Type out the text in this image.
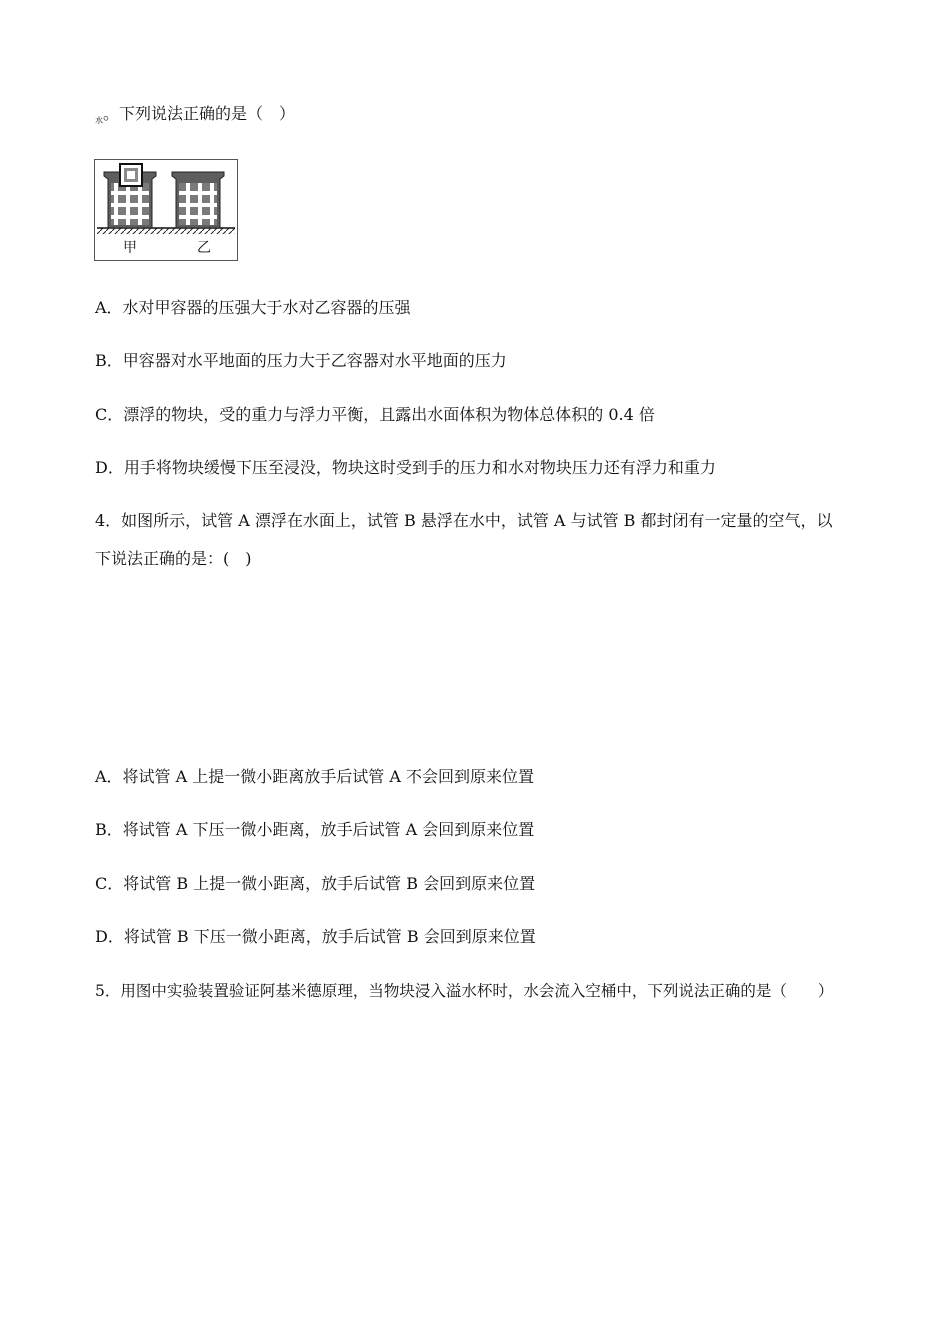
$_水$。下列说法正确的是（　）
甲	乙
A．水对甲容器的压强大于水对乙容器的压强
B．甲容器对水平地面的压力大于乙容器对水平地面的压力
C．漂浮的物块，受的重力与浮力平衡，且露出水面体积为物体总体积的 0.4 倍
D．用手将物块缓慢下压至浸没，物块这时受到手的压力和水对物块压力还有浮力和重力
4．如图所示，试管 A 漂浮在水面上，试管 B 悬浮在水中，试管 A 与试管 B 都封闭有一定量的空气，以
下说法正确的是：(　)
A．将试管 A 上提一微小距离放手后试管 A 不会回到原来位置
B．将试管 A 下压一微小距离，放手后试管 A 会回到原来位置
C．将试管 B 上提一微小距离，放手后试管 B 会回到原来位置
D．将试管 B 下压一微小距离，放手后试管 B 会回到原来位置
5．用图中实验装置验证阿基米德原理，当物块浸入溢水杯时，水会流入空桶中，下列说法正确的是（　　）
